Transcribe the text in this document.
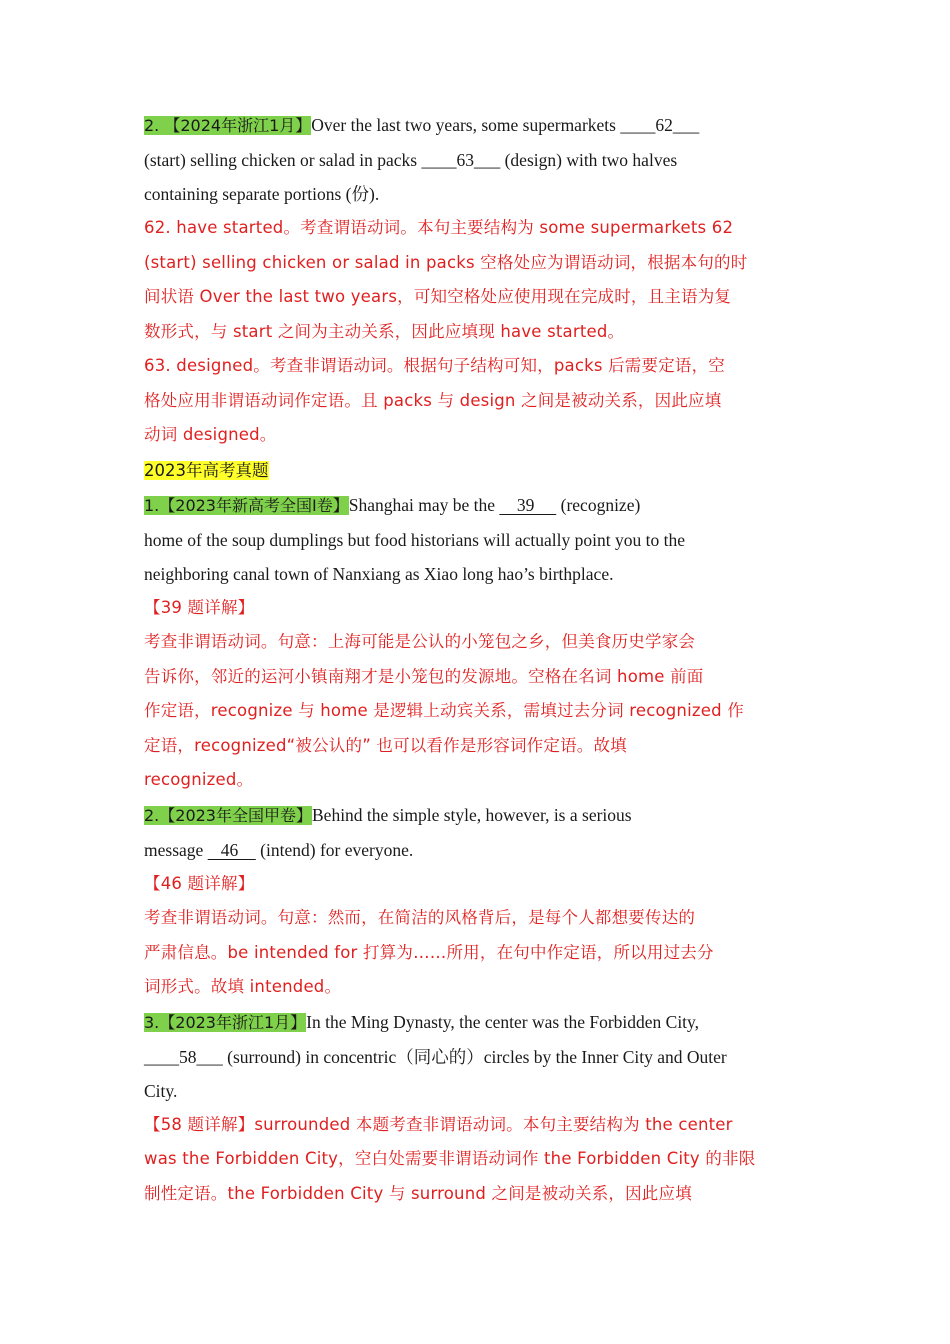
2. 【2024年浙江1月】Over the last two years, some supermarkets ____62___

(start) selling chicken or salad in packs ____63___ (design) with two halves

containing separate portions (份).

62. have started。考查谓语动词。本句主要结构为 some supermarkets 62
(start) selling chicken or salad in packs 空格处应为谓语动词，根据本句的时
间状语 Over the last two years，可知空格处应使用现在完成时，且主语为复
数形式，与 start 之间为主动关系，因此应填现 have started。

63. designed。考查非谓语动词。根据句子结构可知，packs 后需要定语，空
格处应用非谓语动词作定语。且 packs 与 design 之间是被动关系，因此应填
动词 designed。

2023年高考真题

1.【2023年新高考全国Ⅰ卷】Shanghai may be the     39      (recognize)

home of the soup dumplings but food historians will actually point you to the

neighboring canal town of Nanxiang as Xiao long hao’s birthplace.

【39 题详解】

考查非谓语动词。句意：上海可能是公认的小笼包之乡，但美食历史学家会
告诉你，邻近的运河小镇南翔才是小笼包的发源地。空格在名词 home 前面
作定语，recognize 与 home 是逻辑上动宾关系，需填过去分词 recognized 作
定语，recognized“被公认的” 也可以看作是形容词作定语。故填
recognized。

2.【2023年全国甲卷】Behind the simple style, however, is a serious

message    46     (intend) for everyone.

【46 题详解】

考查非谓语动词。句意：然而，在简洁的风格背后，是每个人都想要传达的
严肃信息。be intended for 打算为……所用，在句中作定语，所以用过去分
词形式。故填 intended。

3.【2023年浙江1月】In the Ming Dynasty, the center was the Forbidden City,

____58___ (surround) in concentric（同心的）circles by the Inner City and Outer

City.

【58 题详解】surrounded 本题考查非谓语动词。本句主要结构为 the center
was the Forbidden City，空白处需要非谓语动词作 the Forbidden City 的非限
制性定语。the Forbidden City 与 surround 之间是被动关系，因此应填
